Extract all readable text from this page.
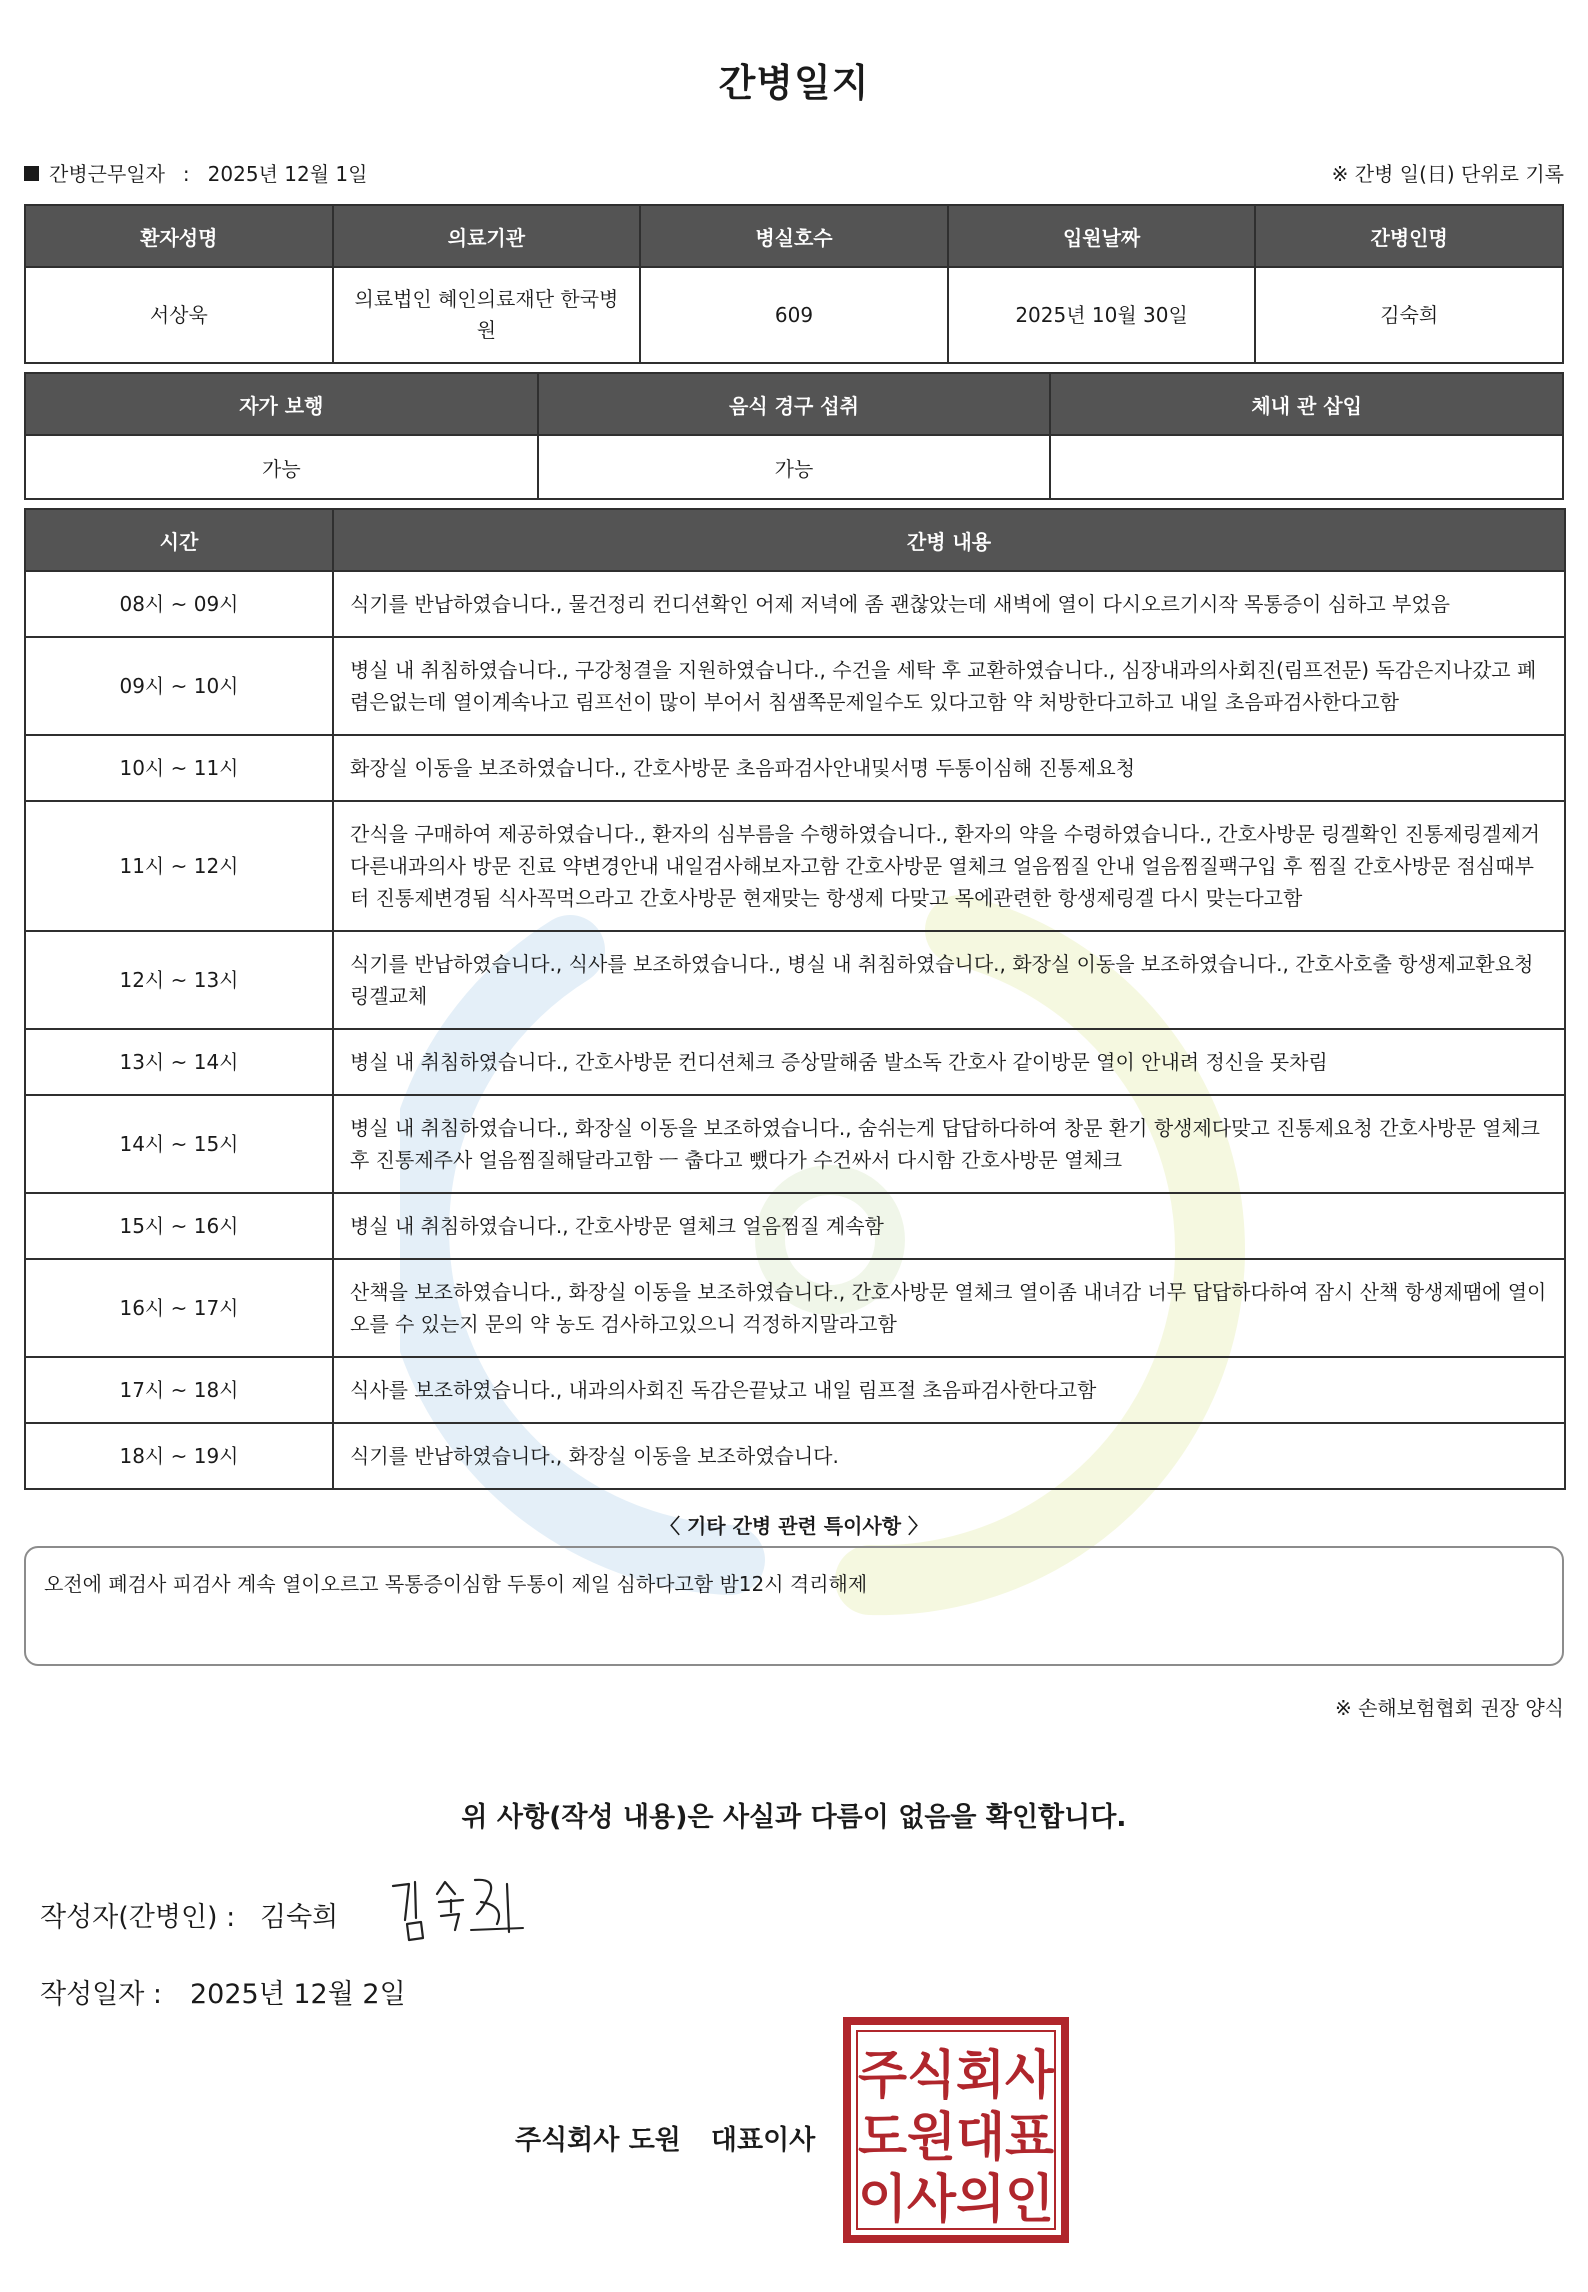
간병일지
간병근무일자 : 2025년 12월 1일	※ 간병 일(日) 단위로 기록
환자성명	의료기관	병실호수	입원날짜	간병인명
서상욱	의료법인 혜인의료재단 한국병원	609	2025년 10월 30일	김숙희
자가 보행	음식 경구 섭취	체내 관 삽입
가능	가능	
시간	간병 내용
08시 ~ 09시	식기를 반납하였습니다., 물건정리 컨디션확인 어제 저녁에 좀 괜찮았는데 새벽에 열이 다시오르기시작 목통증이 심하고 부었음
09시 ~ 10시	병실 내 취침하였습니다., 구강청결을 지원하였습니다., 수건을 세탁 후 교환하였습니다., 심장내과의사회진(림프전문) 독감은지나갔고 폐렴은없는데 열이계속나고 림프선이 많이 부어서 침샘쪽문제일수도 있다고함 약 처방한다고하고 내일 초음파검사한다고함
10시 ~ 11시	화장실 이동을 보조하였습니다., 간호사방문 초음파검사안내및서명 두통이심해 진통제요청
11시 ~ 12시	간식을 구매하여 제공하였습니다., 환자의 심부름을 수행하였습니다., 환자의 약을 수령하였습니다., 간호사방문 링겔확인 진통제링겔제거 다른내과의사 방문 진료 약변경안내 내일검사해보자고함 간호사방문 열체크 얼음찜질 안내 얼음찜질팩구입 후 찜질 간호사방문 점심때부터 진통제변경됨 식사꼭먹으라고 간호사방문 현재맞는 항생제 다맞고 목에관련한 항생제링겔 다시 맞는다고함
12시 ~ 13시	식기를 반납하였습니다., 식사를 보조하였습니다., 병실 내 취침하였습니다., 화장실 이동을 보조하였습니다., 간호사호출 항생제교환요청 링겔교체
13시 ~ 14시	병실 내 취침하였습니다., 간호사방문 컨디션체크 증상말해줌 발소독 간호사 같이방문 열이 안내려 정신을 못차림
14시 ~ 15시	병실 내 취침하였습니다., 화장실 이동을 보조하였습니다., 숨쉬는게 답답하다하여 창문 환기 항생제다맞고 진통제요청 간호사방문 열체크후 진통제주사 얼음찜질해달라고함 ㅡ 춥다고 뺐다가 수건싸서 다시함 간호사방문 열체크
15시 ~ 16시	병실 내 취침하였습니다., 간호사방문 열체크 얼음찜질 계속함
16시 ~ 17시	산책을 보조하였습니다., 화장실 이동을 보조하였습니다., 간호사방문 열체크 열이좀 내녀감 너무 답답하다하여 잠시 산책 항생제땜에 열이 오를 수 있는지 문의 약 농도 검사하고있으니 걱정하지말라고함
17시 ~ 18시	식사를 보조하였습니다., 내과의사회진 독감은끝났고 내일 림프절 초음파검사한다고함
18시 ~ 19시	식기를 반납하였습니다., 화장실 이동을 보조하였습니다.
〈 기타 간병 관련 특이사항 〉
오전에 폐검사 피검사 계속 열이오르고 목통증이심함 두통이 제일 심하다고함 밤12시 격리해제
※ 손해보험협회 권장 양식
위 사항(작성 내용)은 사실과 다름이 없음을 확인합니다.
작성자(간병인) : 김숙희
작성일자 : 2025년 12월 2일
주식회사 도원 대표이사
주식회사
도원대표
이사의인
